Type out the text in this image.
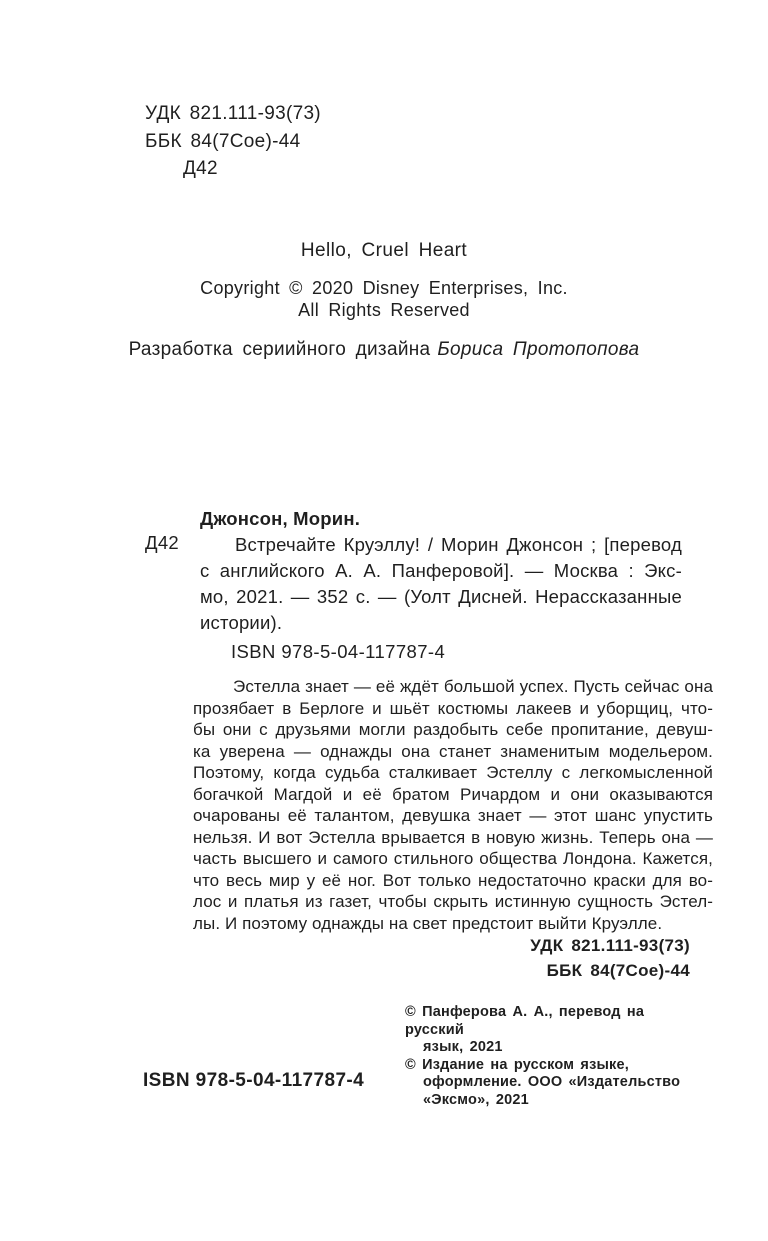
УДК 821.111-93(73)
ББК 84(7Сое)-44
Д42
Hello, Cruel Heart
Copyright © 2020 Disney Enterprises, Inc.
All Rights Reserved
Разработка сериийного дизайна Бориса Протопопова
Д42
Джонсон, Морин.
Встречайте Круэллу! / Морин Джонсон ; [перевод
с английского А. А. Панферовой]. — Москва : Экс-
мо, 2021. — 352 с. — (Уолт Дисней. Нерассказанные
истории).
ISBN 978-5-04-117787-4
Эстелла знает — её ждёт большой успех. Пусть сейчас она
прозябает в Берлоге и шьёт костюмы лакеев и уборщиц, что-
бы они с друзьями могли раздобыть себе пропитание, девуш-
ка уверена — однажды она станет знаменитым модельером.
Поэтому, когда судьба сталкивает Эстеллу с легкомысленной
богачкой Магдой и её братом Ричардом и они оказываются
очарованы её талантом, девушка знает — этот шанс упустить
нельзя. И вот Эстелла врывается в новую жизнь. Теперь она —
часть высшего и самого стильного общества Лондона. Кажется,
что весь мир у её ног. Вот только недостаточно краски для во-
лос и платья из газет, чтобы скрыть истинную сущность Эстел-
лы. И поэтому однажды на свет предстоит выйти Круэлле.
УДК 821.111-93(73)
ББК 84(7Сое)-44
© Панферова А. А., перевод на русский
язык, 2021
© Издание на русском языке,
оформление. ООО «Издательство
«Эксмо», 2021
ISBN 978-5-04-117787-4
